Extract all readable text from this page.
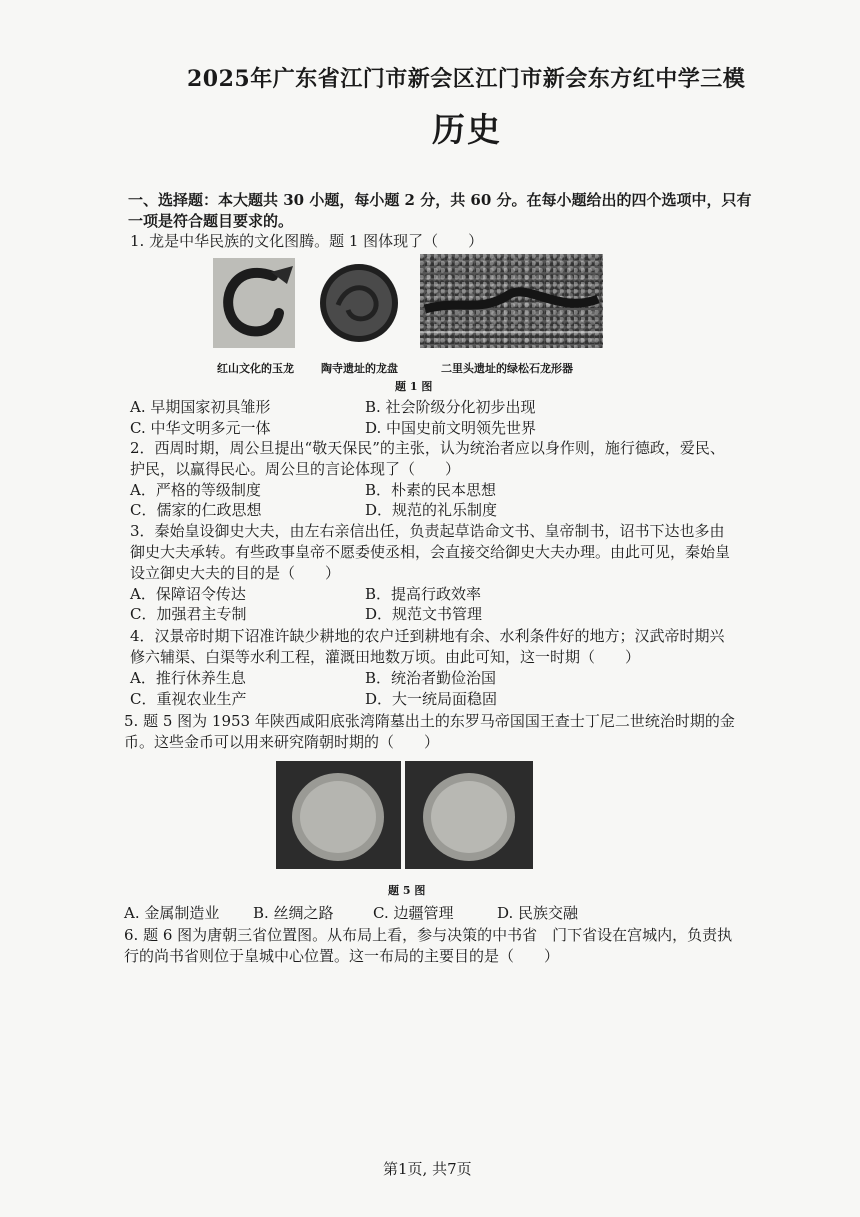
2025年广东省江门市新会区江门市新会东方红中学三模
历史
一、选择题：本大题共 30 小题，每小题 2 分，共 60 分。在每小题给出的四个选项中，只有
一项是符合题目要求的。
1. 龙是中华民族的文化图腾。题 1 图体现了（　　）
红山文化的玉龙 陶寺遗址的龙盘	二里头遗址的绿松石龙形器
题 1 图
A. 早期国家初具雏形	B. 社会阶级分化初步出现
C. 中华文明多元一体	D. 中国史前文明领先世界
2．西周时期，周公旦提出“敬天保民”的主张，认为统治者应以身作则，施行德政，爱民、
护民，以赢得民心。周公旦的言论体现了（　　）
A．严格的等级制度	B．朴素的民本思想
C．儒家的仁政思想	D．规范的礼乐制度
3．秦始皇设御史大夫，由左右亲信出任，负责起草诰命文书、皇帝制书，诏书下达也多由
御史大夫承转。有些政事皇帝不愿委使丞相，会直接交给御史大夫办理。由此可见，秦始皇
设立御史大夫的目的是（　　）
A．保障诏令传达	B．提高行政效率
C．加强君主专制	D．规范文书管理
4．汉景帝时期下诏准许缺少耕地的农户迁到耕地有余、水利条件好的地方；汉武帝时期兴
修六辅渠、白渠等水利工程，灌溉田地数万顷。由此可知，这一时期（　　）
A．推行休养生息	B．统治者勤俭治国
C．重视农业生产	D．大一统局面稳固
5. 题 5 图为 1953 年陕西咸阳底张湾隋墓出土的东罗马帝国国王查士丁尼二世统治时期的金
币。这些金币可以用来研究隋朝时期的（　　）
题 5 图
A. 金属制造业 B. 丝绸之路	C. 边疆管理	D. 民族交融
6. 题 6 图为唐朝三省位置图。从布局上看，参与决策的中书省　门下省设在宫城内，负责执
行的尚书省则位于皇城中心位置。这一布局的主要目的是（　　）
第1页, 共7页
